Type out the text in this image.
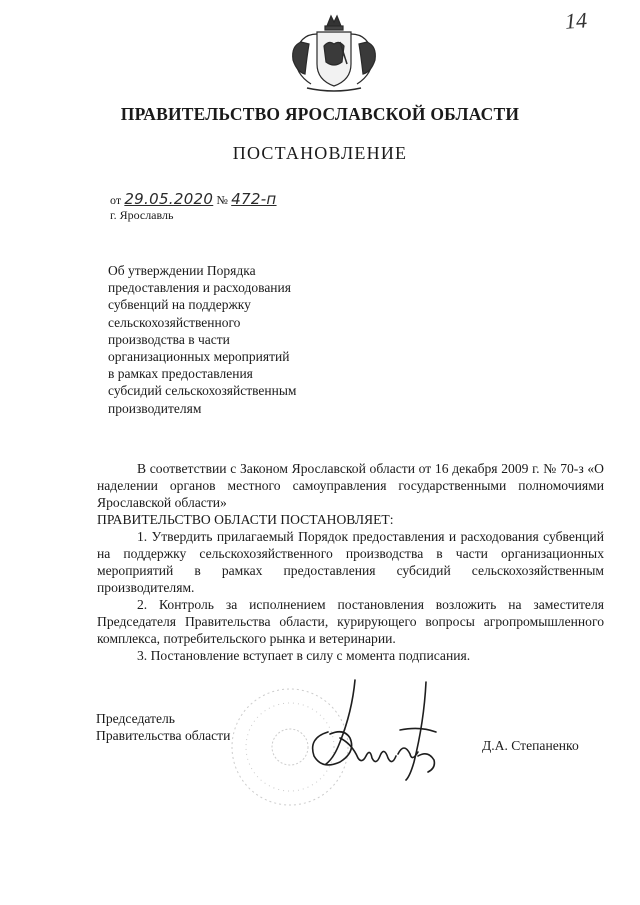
14
ПРАВИТЕЛЬСТВО ЯРОСЛАВСКОЙ ОБЛАСТИ
ПОСТАНОВЛЕНИЕ
от 29.05.2020 № 472-п
г. Ярославль
Об утверждении Порядка
предоставления и расходования
субвенций на поддержку
сельскохозяйственного
производства в части
организационных мероприятий
в рамках предоставления
субсидий сельскохозяйственным
производителям

В соответствии с Законом Ярославской области от 16 декабря 2009 г. № 70-з «О наделении органов местного самоуправления государственными полномочиями Ярославской области»

ПРАВИТЕЛЬСТВО ОБЛАСТИ ПОСТАНОВЛЯЕТ:

1. Утвердить прилагаемый Порядок предоставления и расходования субвенций на поддержку сельскохозяйственного производства в части организационных мероприятий в рамках предоставления субсидий сельскохозяйственным производителям.

2. Контроль за исполнением постановления возложить на заместителя Председателя Правительства области, курирующего вопросы агропромышленного комплекса, потребительского рынка и ветеринарии.

3. Постановление вступает в силу с момента подписания.

Председатель
Правительства области
Д.А. Степаненко
